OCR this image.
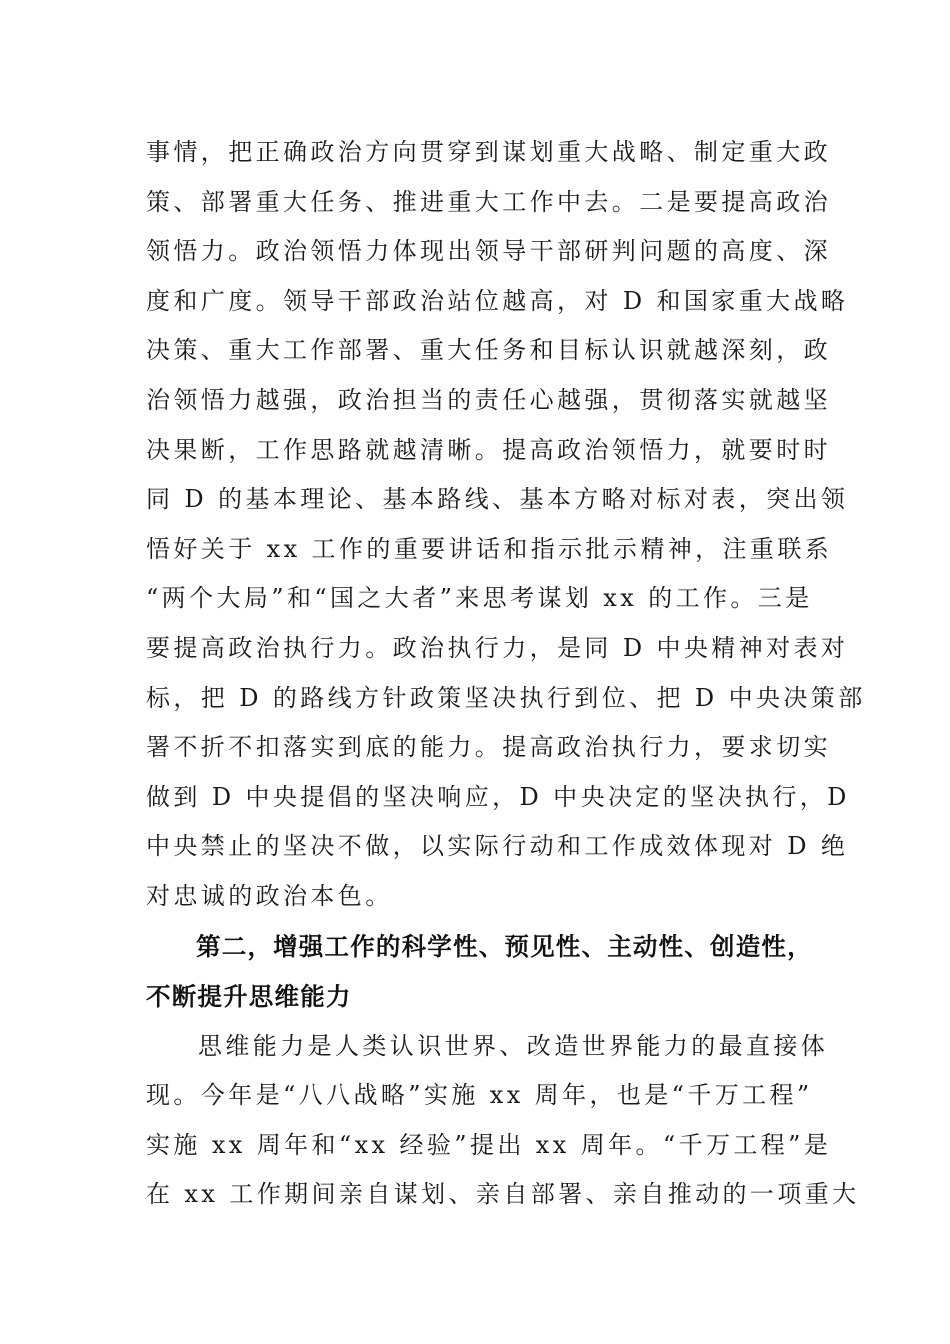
事情，把正确政治方向贯穿到谋划重大战略、制定重大政
策、部署重大任务、推进重大工作中去。二是要提高政治
领悟力。政治领悟力体现出领导干部研判问题的高度、深
度和广度。领导干部政治站位越高，对 D 和国家重大战略
决策、重大工作部署、重大任务和目标认识就越深刻，政
治领悟力越强，政治担当的责任心越强，贯彻落实就越坚
决果断，工作思路就越清晰。提高政治领悟力，就要时时
同 D 的基本理论、基本路线、基本方略对标对表，突出领
悟好关于 xx 工作的重要讲话和指示批示精神，注重联系
“两个大局”和“国之大者”来思考谋划 xx 的工作。三是
要提高政治执行力。政治执行力，是同 D 中央精神对表对
标，把 D 的路线方针政策坚决执行到位、把 D 中央决策部
署不折不扣落实到底的能力。提高政治执行力，要求切实
做到 D 中央提倡的坚决响应，D 中央决定的坚决执行，D
中央禁止的坚决不做，以实际行动和工作成效体现对 D 绝
对忠诚的政治本色。
第二，增强工作的科学性、预见性、主动性、创造性，
不断提升思维能力
思维能力是人类认识世界、改造世界能力的最直接体
现。今年是“八八战略”实施 xx 周年，也是“千万工程”
实施 xx 周年和“xx 经验”提出 xx 周年。“千万工程”是
在 xx 工作期间亲自谋划、亲自部署、亲自推动的一项重大
